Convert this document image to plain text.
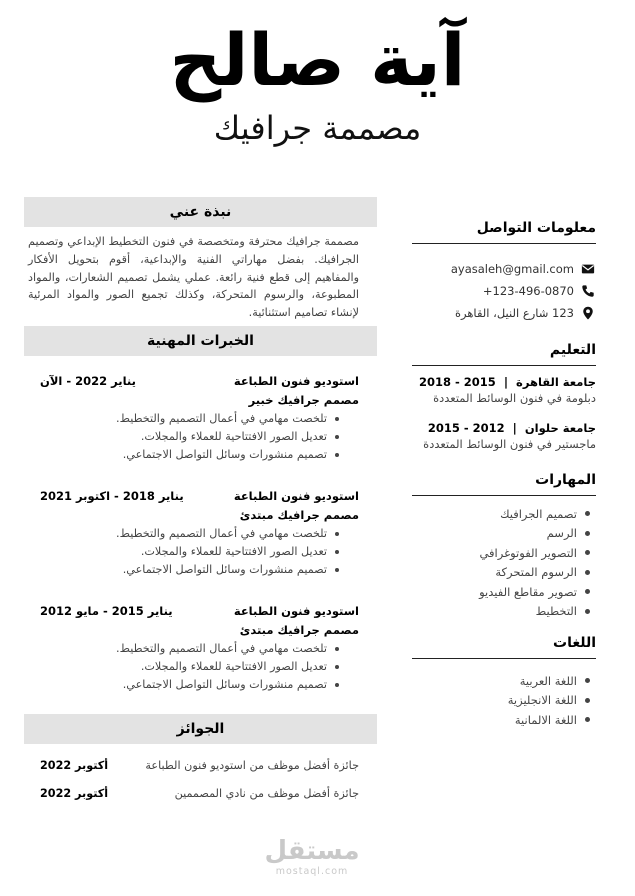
آية صالح
مصممة جرافيك
معلومات التواصل
ayasaleh@gmail.com
+123-496-0870
123 شارع النيل، القاهرة
التعليم
جامعة القاهرة  |  2015 - 2018
دبلومة في فنون الوسائط المتعددة
جامعة حلوان  |  2012 - 2015
ماجستير في فنون الوسائط المتعددة
المهارات
تصميم الجرافيك
الرسم
التصوير الفوتوغرافي
الرسوم المتحركة
تصوير مقاطع الفيديو
التخطيط
اللغات
اللغة العربية
اللغة الانجليزية
اللغة الالمانية
نبذة عني
مصممة جرافيك محترفة ومتخصصة في فنون التخطيط الإبداعي وتصميم الجرافيك. بفضل مهاراتي الفنية والإبداعية، أقوم بتحويل الأفكار والمفاهيم إلى قطع فنية رائعة. عملي يشمل تصميم الشعارات، والمواد المطبوعة، والرسوم المتحركة، وكذلك تجميع الصور والمواد المرئية لإنشاء تصاميم استثنائية.
الخبرات المهنية
استوديو فنون الطباعة
يناير 2022 - الآن
مصمم جرافيك خبير
تلخصت مهامي في أعمال التصميم والتخطيط.
تعديل الصور الافتتاحية للعملاء والمجلات.
تصميم منشورات وسائل التواصل الاجتماعي.
استوديو فنون الطباعة
يناير 2018 - اكتوبر 2021
مصمم جرافيك مبتدئ
تلخصت مهامي في أعمال التصميم والتخطيط.
تعديل الصور الافتتاحية للعملاء والمجلات.
تصميم منشورات وسائل التواصل الاجتماعي.
استوديو فنون الطباعة
يناير 2015 - مايو 2012
مصمم جرافيك مبتدئ
تلخصت مهامي في أعمال التصميم والتخطيط.
تعديل الصور الافتتاحية للعملاء والمجلات.
تصميم منشورات وسائل التواصل الاجتماعي.
الجوائز
جائزة أفضل موظف من استوديو فنون الطباعة
أكتوبر 2022
جائزة أفضل موظف من نادي المصممين
أكتوبر 2022
مستقل
mostaql.com
